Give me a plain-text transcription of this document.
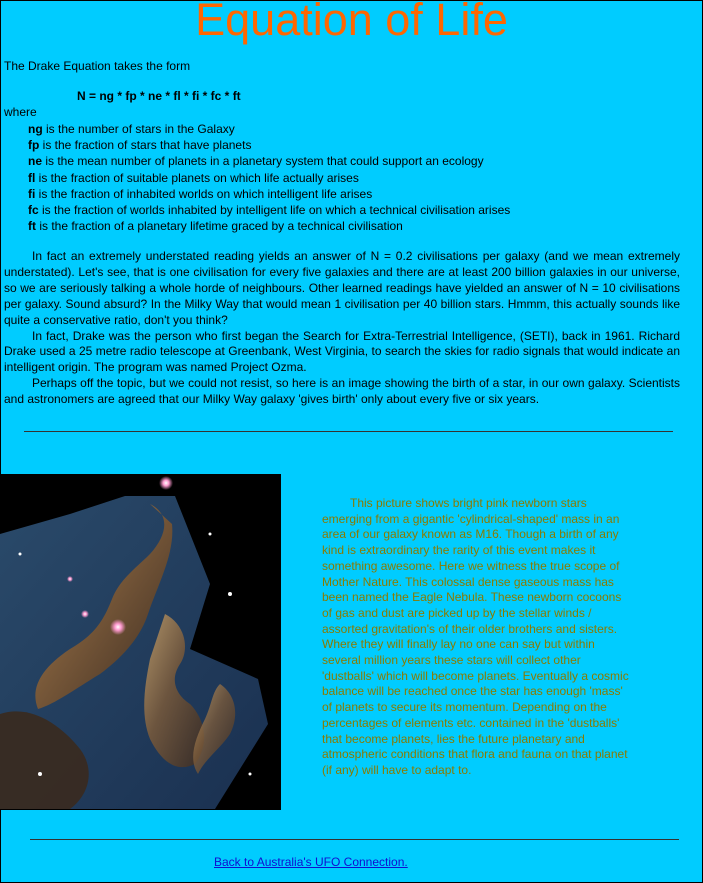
Equation of Life
The Drake Equation takes the form
N = ng * fp * ne * fl * fi * fc * ft
where
ng is the number of stars in the Galaxy
fp is the fraction of stars that have planets
ne is the mean number of planets in a planetary system that could support an ecology
fl is the fraction of suitable planets on which life actually arises
fi is the fraction of inhabited worlds on which intelligent life arises
fc is the fraction of worlds inhabited by intelligent life on which a technical civilisation arises
ft is the fraction of a planetary lifetime graced by a technical civilisation

In fact an extremely understated reading yields an answer of N = 0.2 civilisations per galaxy (and we mean extremely understated). Let's see, that is one civilisation for every five galaxies and there are at least 200 billion galaxies in our universe, so we are seriously talking a whole horde of neighbours. Other learned readings have yielded an answer of N = 10 civilisations per galaxy. Sound absurd? In the Milky Way that would mean 1 civilisation per 40 billion stars. Hmmm, this actually sounds like quite a conservative ratio, don't you think?

In fact, Drake was the person who first began the Search for Extra-Terrestrial Intelligence, (SETI), back in 1961. Richard Drake used a 25 metre radio telescope at Greenbank, West Virginia, to search the skies for radio signals that would indicate an intelligent origin. The program was named Project Ozma.

Perhaps off the topic, but we could not resist, so here is an image showing the birth of a star, in our own galaxy. Scientists and astronomers are agreed that our Milky Way galaxy 'gives birth' only about every five or six years.

This picture shows bright pink newborn stars emerging from a gigantic 'cylindrical-shaped' mass in an area of our galaxy known as M16. Though a birth of any kind is extraordinary the rarity of this event makes it something awesome. Here we witness the true scope of Mother Nature. This colossal dense gaseous mass has been named the Eagle Nebula. These newborn cocoons of gas and dust are picked up by the stellar winds / assorted gravitation's of their older brothers and sisters. Where they will finally lay no one can say but within several million years these stars will collect other 'dustballs' which will become planets. Eventually a cosmic balance will be reached once the star has enough 'mass' of planets to secure its momentum. Depending on the percentages of elements etc. contained in the 'dustballs' that become planets, lies the future planetary and atmospheric conditions that flora and fauna on that planet (if any) will have to adapt to.
Back to Australia's UFO Connection.
